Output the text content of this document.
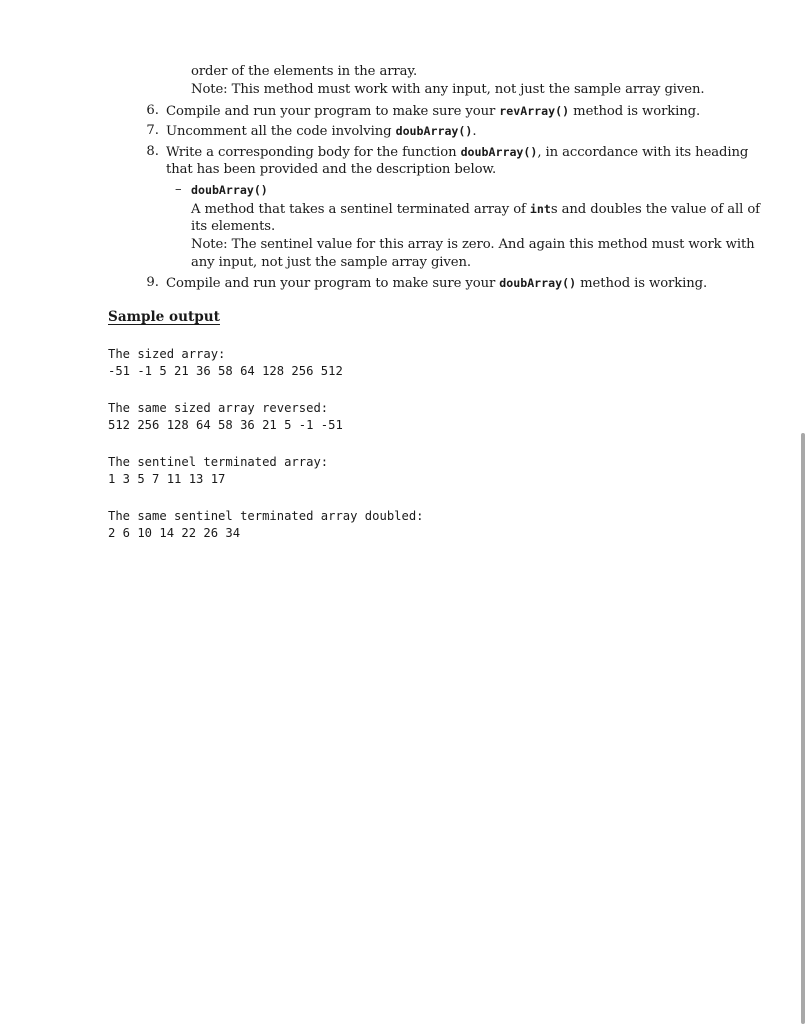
order of the elements in the array.
Note: This method must work with any input, not just the sample array given.
6. Compile and run your program to make sure your revArray() method is working.
7. Uncomment all the code involving doubArray().
8. Write a corresponding body for the function doubArray(), in accordance with its heading
that has been provided and the description below.
– doubArray()
A method that takes a sentinel terminated array of ints and doubles the value of all of
its elements.
Note: The sentinel value for this array is zero. And again this method must work with
any input, not just the sample array given.
9. Compile and run your program to make sure your doubArray() method is working.
Sample output
The sized array:
-51 -1 5 21 36 58 64 128 256 512
The same sized array reversed:
512 256 128 64 58 36 21 5 -1 -51
The sentinel terminated array:
1 3 5 7 11 13 17
The same sentinel terminated array doubled:
2 6 10 14 22 26 34
